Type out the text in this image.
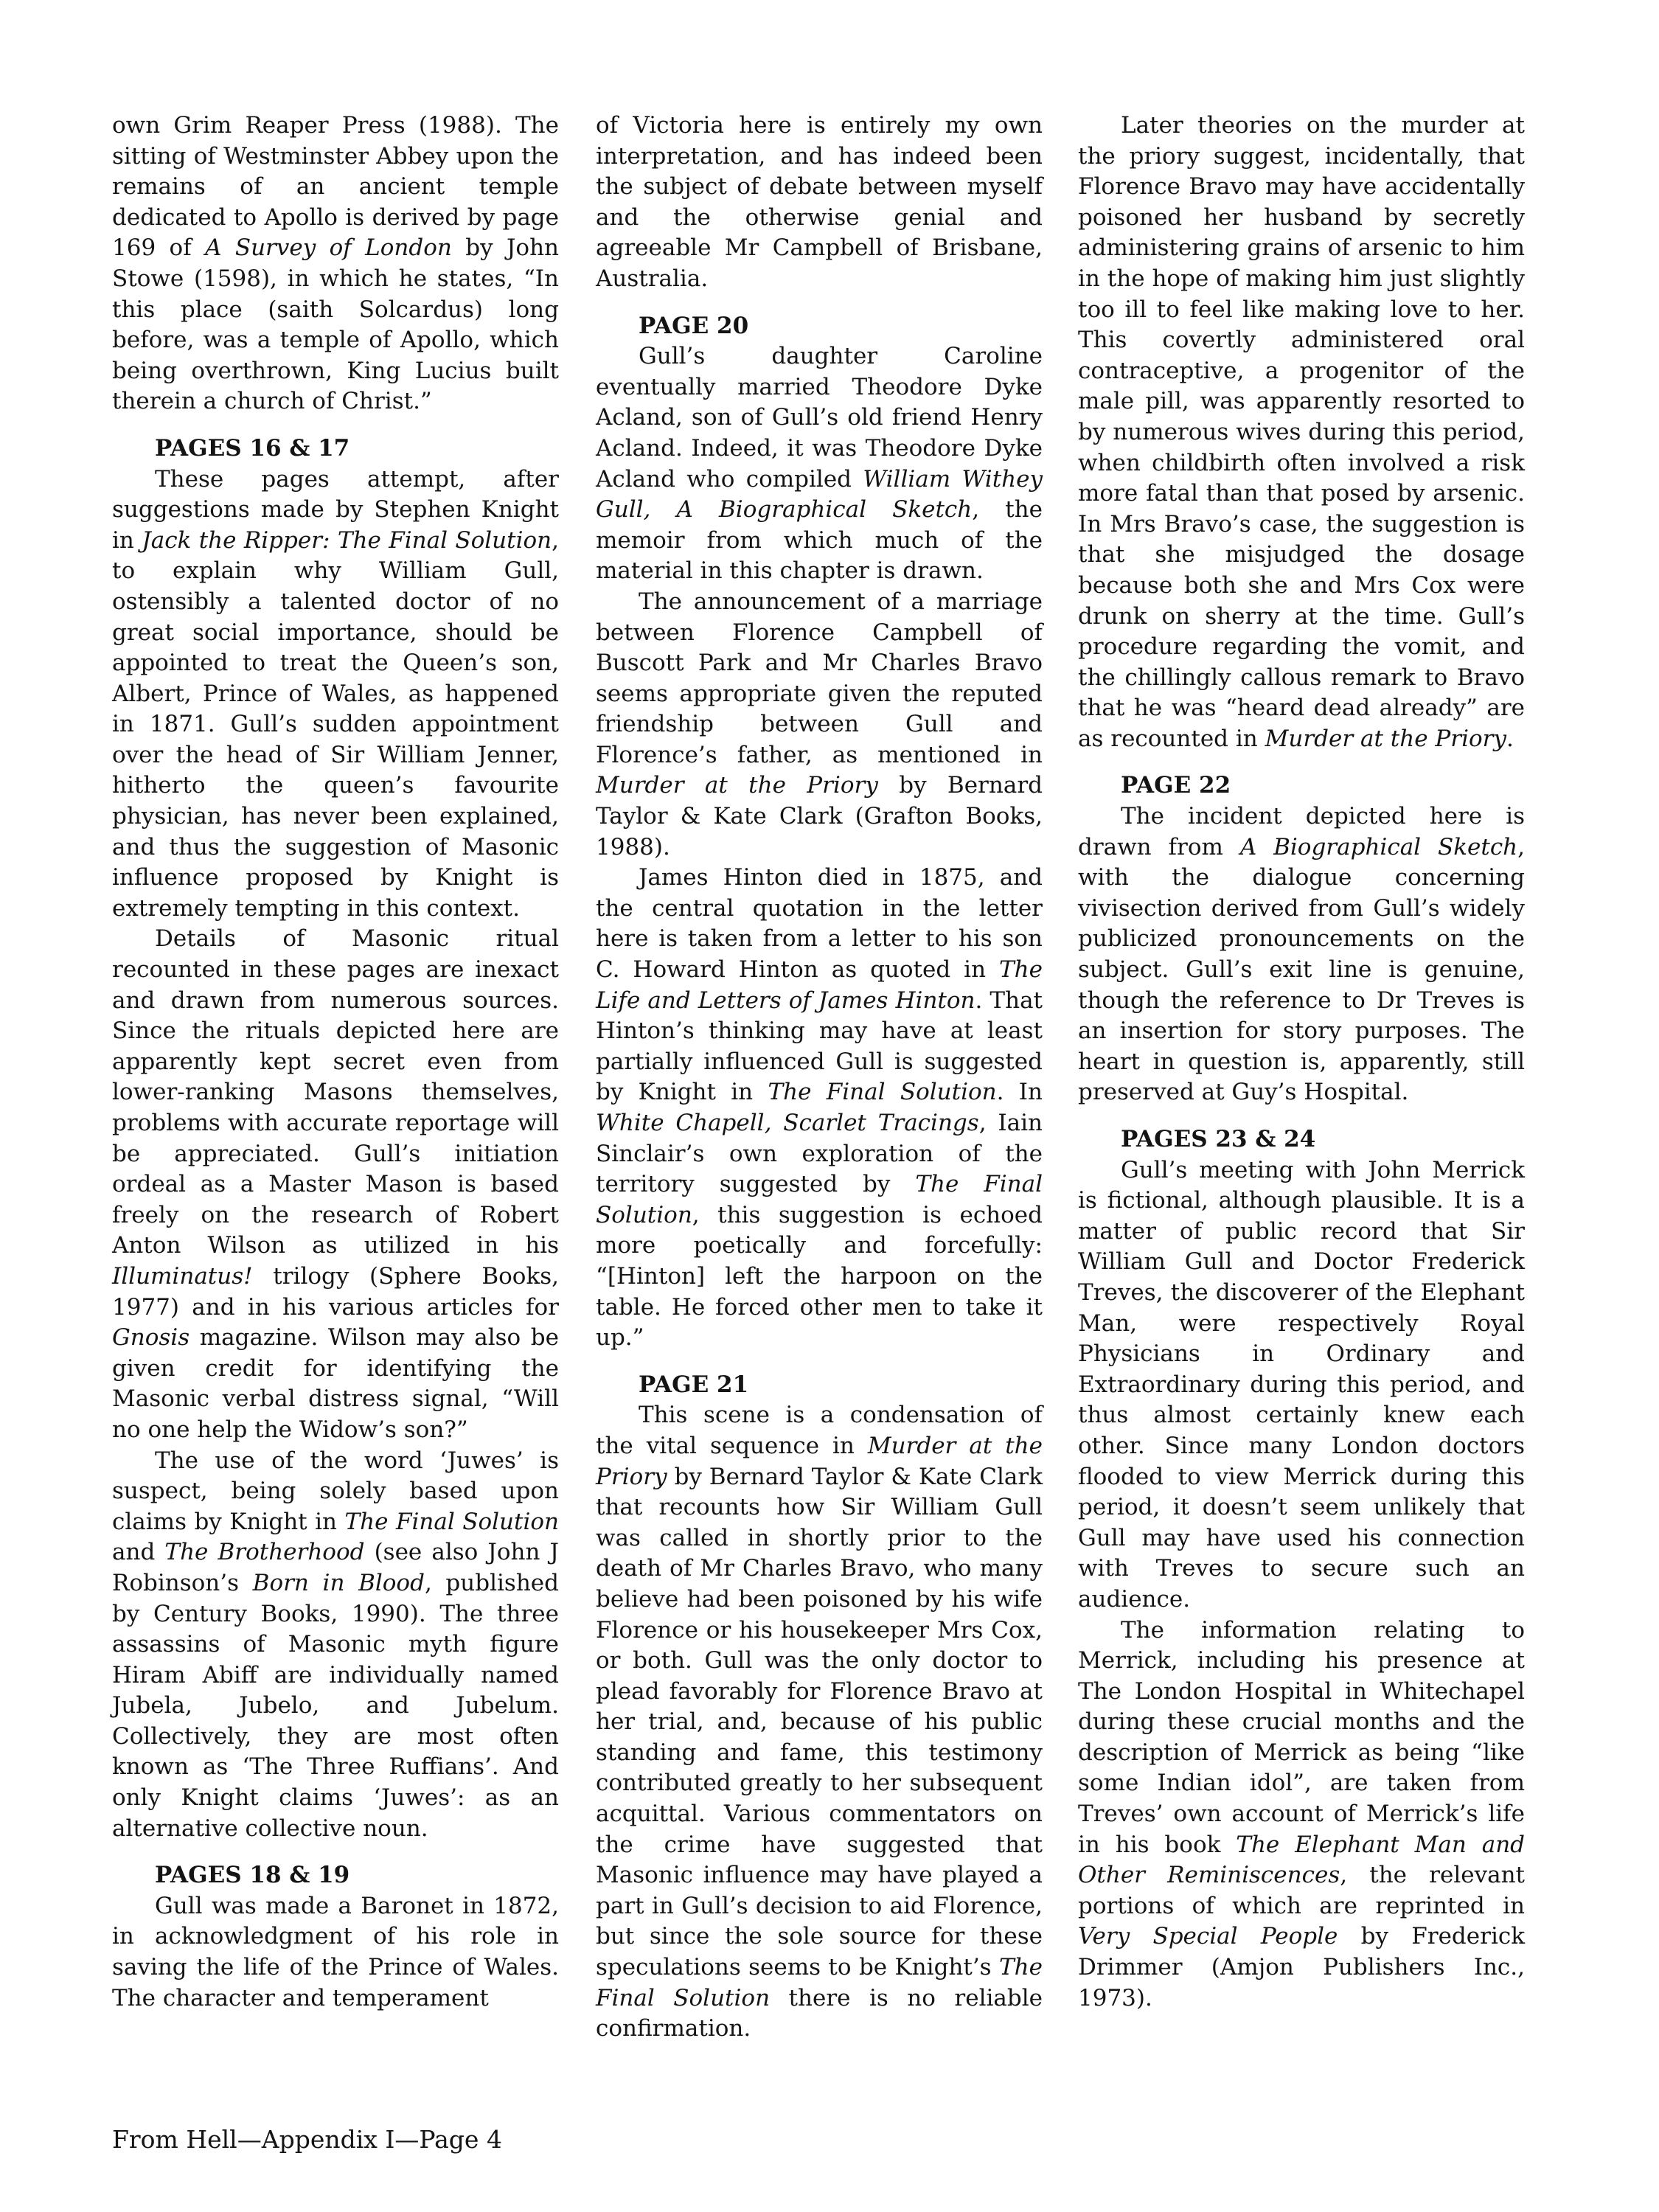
own Grim Reaper Press (1988). The sitting of Westminster Abbey upon the remains of an ancient temple dedicated to Apollo is derived by page 169 of A Survey of London by John Stowe (1598), in which he states, “In this place (saith Solcardus) long before, was a temple of Apollo, which being overthrown, King Lucius built therein a church of Christ.”

PAGES 16 & 17

These pages attempt, after suggestions made by Stephen Knight in Jack the Ripper: The Final Solution, to explain why William Gull, ostensibly a talented doctor of no great social importance, should be appointed to treat the Queen’s son, Albert, Prince of Wales, as happened in 1871. Gull’s sudden appointment over the head of Sir William Jenner, hitherto the queen’s favourite physician, has never been explained, and thus the suggestion of Masonic influence proposed by Knight is extremely tempting in this context.

Details of Masonic ritual recounted in these pages are inexact and drawn from numerous sources. Since the rituals depicted here are apparently kept secret even from lower-ranking Masons themselves, problems with accurate reportage will be appreciated. Gull’s initiation ordeal as a Master Mason is based freely on the research of Robert Anton Wilson as utilized in his Illuminatus! trilogy (Sphere Books, 1977) and in his various articles for Gnosis magazine. Wilson may also be given credit for identifying the Masonic verbal distress signal, “Will no one help the Widow’s son?”

The use of the word ‘Juwes’ is suspect, being solely based upon claims by Knight in The Final Solution and The Brotherhood (see also John J Robinson’s Born in Blood, published by Century Books, 1990). The three assassins of Masonic myth figure Hiram Abiff are individually named Jubela, Jubelo, and Jubelum. Collectively, they are most often known as ‘The Three Ruffians’. And only Knight claims ‘Juwes’: as an alternative collective noun.

PAGES 18 & 19

Gull was made a Baronet in 1872, in acknowledgment of his role in saving the life of the Prince of Wales. The character and temperament

of Victoria here is entirely my own interpretation, and has indeed been the subject of debate between myself and the otherwise genial and agreeable Mr Campbell of Brisbane, Australia.

PAGE 20

Gull’s daughter Caroline eventually married Theodore Dyke Acland, son of Gull’s old friend Henry Acland. Indeed, it was Theodore Dyke Acland who compiled William Withey Gull, A Biographical Sketch, the memoir from which much of the material in this chapter is drawn.

The announcement of a marriage between Florence Campbell of Buscott Park and Mr Charles Bravo seems appropriate given the reputed friendship between Gull and Florence’s father, as mentioned in Murder at the Priory by Bernard Taylor & Kate Clark (Grafton Books, 1988).

James Hinton died in 1875, and the central quotation in the letter here is taken from a letter to his son C. Howard Hinton as quoted in The Life and Letters of James Hinton. That Hinton’s thinking may have at least partially influenced Gull is suggested by Knight in The Final Solution. In White Chapell, Scarlet Tracings, Iain Sinclair’s own exploration of the territory suggested by The Final Solution, this suggestion is echoed more poetically and forcefully: “[Hinton] left the harpoon on the table. He forced other men to take it up.”

PAGE 21

This scene is a condensation of the vital sequence in Murder at the Priory by Bernard Taylor & Kate Clark that recounts how Sir William Gull was called in shortly prior to the death of Mr Charles Bravo, who many believe had been poisoned by his wife Florence or his housekeeper Mrs Cox, or both. Gull was the only doctor to plead favorably for Florence Bravo at her trial, and, because of his public standing and fame, this testimony contributed greatly to her subsequent acquittal. Various commentators on the crime have suggested that Masonic influence may have played a part in Gull’s decision to aid Florence, but since the sole source for these speculations seems to be Knight’s The Final Solution there is no reliable confirmation.

Later theories on the murder at the priory suggest, incidentally, that Florence Bravo may have accidentally poisoned her husband by secretly administering grains of arsenic to him in the hope of making him just slightly too ill to feel like making love to her. This covertly administered oral contraceptive, a progenitor of the male pill, was apparently resorted to by numerous wives during this period, when childbirth often involved a risk more fatal than that posed by arsenic. In Mrs Bravo’s case, the suggestion is that she misjudged the dosage because both she and Mrs Cox were drunk on sherry at the time. Gull’s procedure regarding the vomit, and the chillingly callous remark to Bravo that he was “heard dead already” are as recounted in Murder at the Priory.

PAGE 22

The incident depicted here is drawn from A Biographical Sketch, with the dialogue concerning vivisection derived from Gull’s widely publicized pronouncements on the subject. Gull’s exit line is genuine, though the reference to Dr Treves is an insertion for story purposes. The heart in question is, apparently, still preserved at Guy’s Hospital.

PAGES 23 & 24

Gull’s meeting with John Merrick is fictional, although plausible. It is a matter of public record that Sir William Gull and Doctor Frederick Treves, the discoverer of the Elephant Man, were respectively Royal Physicians in Ordinary and Extraordinary during this period, and thus almost certainly knew each other. Since many London doctors flooded to view Merrick during this period, it doesn’t seem unlikely that Gull may have used his connection with Treves to secure such an audience.

The information relating to Merrick, including his presence at The London Hospital in Whitechapel during these crucial months and the description of Merrick as being “like some Indian idol”, are taken from Treves’ own account of Merrick’s life in his book The Elephant Man and Other Reminiscences, the relevant portions of which are reprinted in Very Special People by Frederick Drimmer (Amjon Publishers Inc., 1973).

From Hell—Appendix I—Page 4
